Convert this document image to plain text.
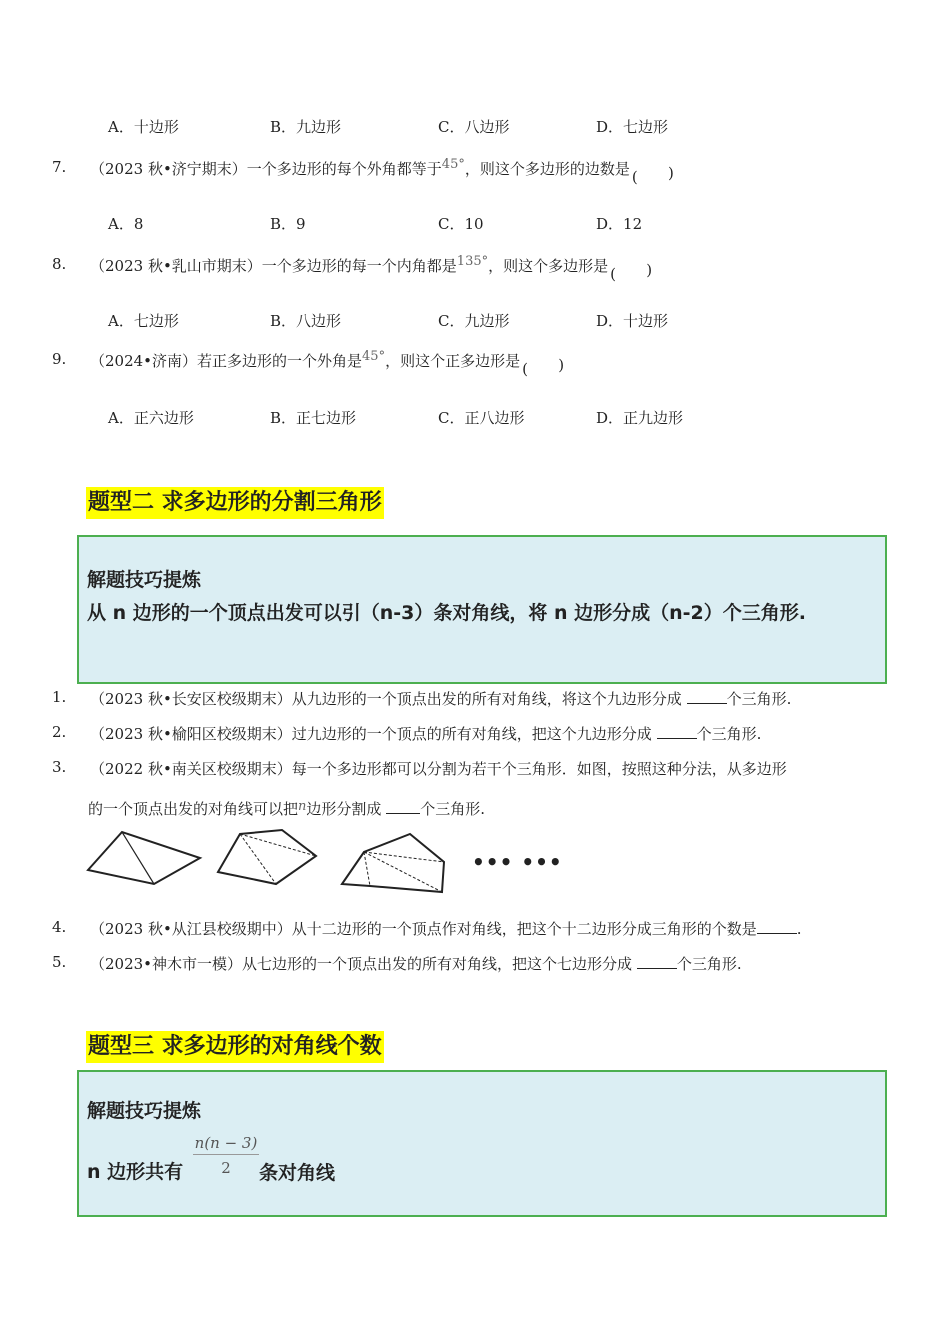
A．十边形	B．九边形	C．八边形	D．七边形
7. （2023 秋•济宁期末）一个多边形的每个外角都等于45°，则这个多边形的边数是 ( )
A．8	B．9	C．10	D．12
8. （2023 秋•乳山市期末）一个多边形的每一个内角都是135°，则这个多边形是 ( )
A．七边形	B．八边形	C．九边形	D．十边形
9. （2024•济南）若正多边形的一个外角是45°，则这个正多边形是 ( )
A．正六边形	B．正七边形	C．正八边形	D．正九边形
题型二 求多边形的分割三角形
解题技巧提炼
从 n 边形的一个顶点出发可以引（n-3）条对角线，将 n 边形分成（n-2）个三角形.
1. （2023 秋•长安区校级期末）从九边形的一个顶点出发的所有对角线，将这个九边形分成	个三角形.
2. （2023 秋•榆阳区校级期末）过九边形的一个顶点的所有对角线，把这个九边形分成	个三角形.
3. （2022 秋•南关区校级期末）每一个多边形都可以分割为若干个三角形．如图，按照这种分法，从多边形
的一个顶点出发的对角线可以把n边形分割成	个三角形.
••• •••
4. （2023 秋•从江县校级期中）从十二边形的一个顶点作对角线，把这个十二边形分成三角形的个数是	.
5. （2023•神木市一模）从七边形的一个顶点出发的所有对角线，把这个七边形分成	个三角形.
题型三 求多边形的对角线个数
解题技巧提炼
n 边形共有 $\frac{n(n - 3)}{2}$ 条对角线
